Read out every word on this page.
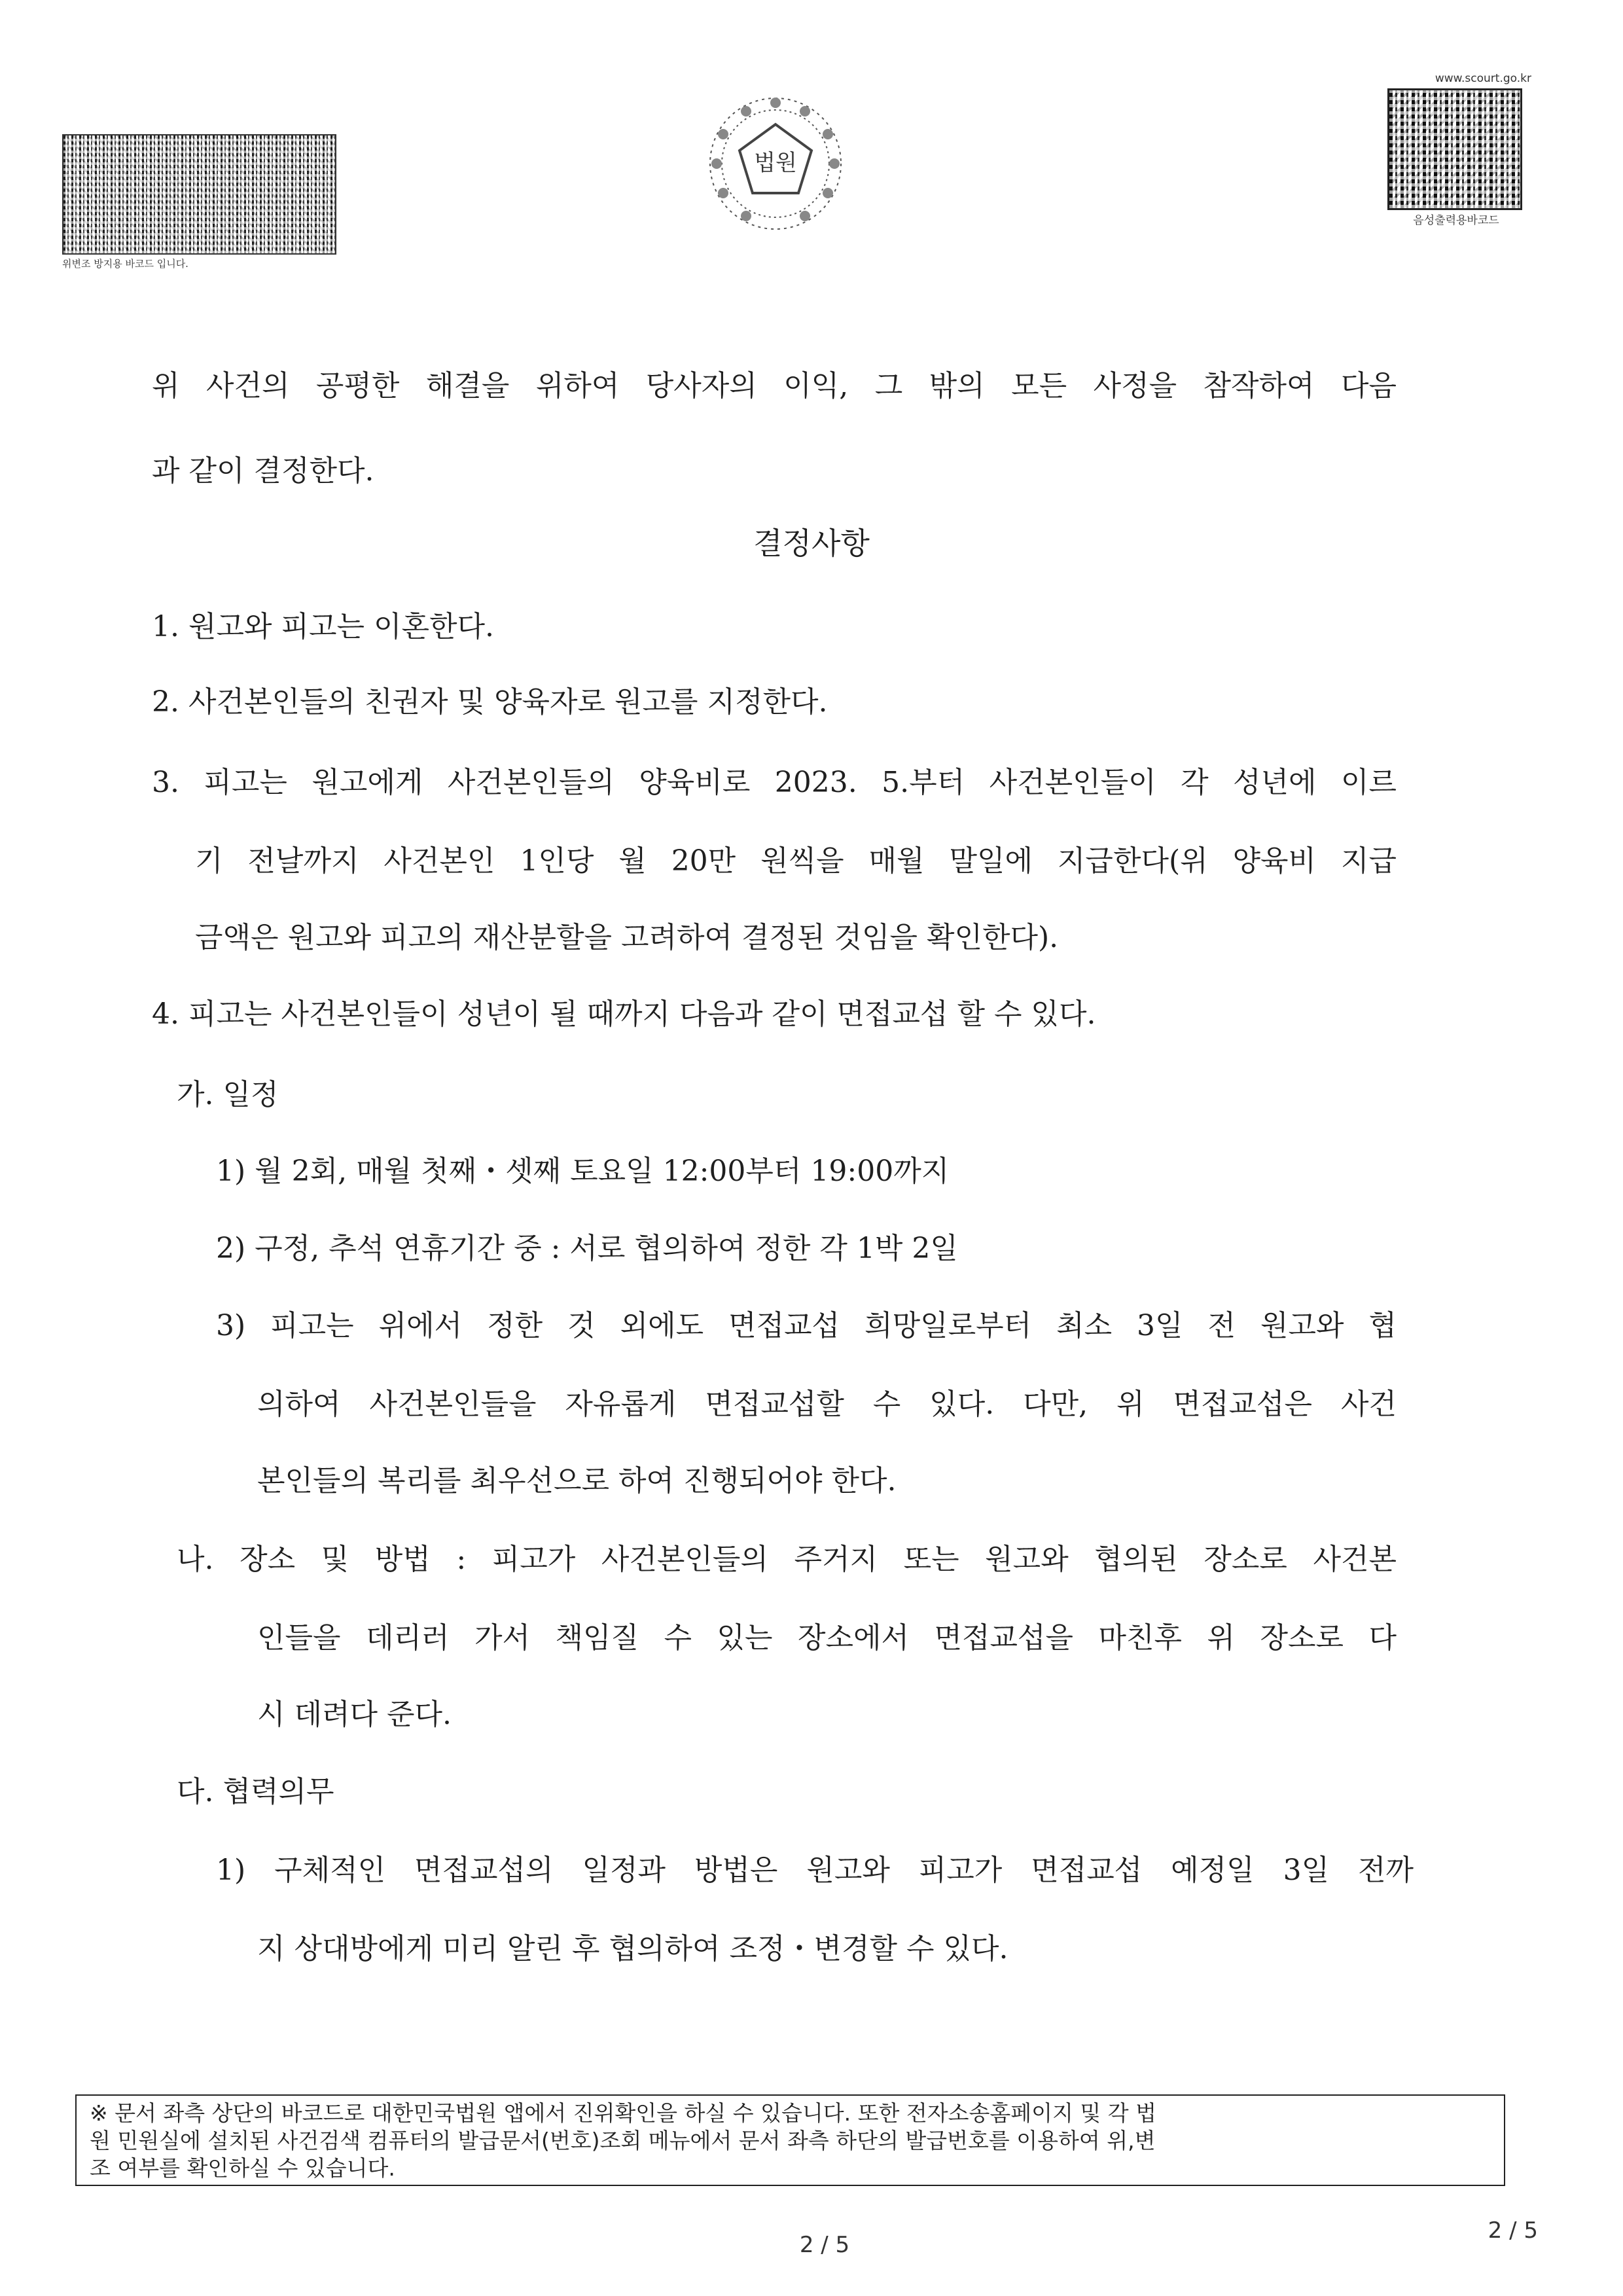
위변조 방지용 바코드 입니다.
법원
www.scourt.go.kr
음성출력용바코드
위 사건의 공평한 해결을 위하여 당사자의 이익, 그 밖의 모든 사정을 참작하여 다음
과 같이 결정한다.
결정사항
1. 원고와 피고는 이혼한다.
2. 사건본인들의 친권자 및 양육자로 원고를 지정한다.
3. 피고는 원고에게 사건본인들의 양육비로 2023. 5.부터 사건본인들이 각 성년에 이르
기 전날까지 사건본인 1인당 월 20만 원씩을 매월 말일에 지급한다(위 양육비 지급
금액은 원고와 피고의 재산분할을 고려하여 결정된 것임을 확인한다).
4. 피고는 사건본인들이 성년이 될 때까지 다음과 같이 면접교섭 할 수 있다.
가. 일정
1) 월 2회, 매월 첫째・셋째 토요일 12:00부터 19:00까지
2) 구정, 추석 연휴기간 중 : 서로 협의하여 정한 각 1박 2일
3) 피고는 위에서 정한 것 외에도 면접교섭 희망일로부터 최소 3일 전 원고와 협
의하여 사건본인들을 자유롭게 면접교섭할 수 있다. 다만, 위 면접교섭은 사건
본인들의 복리를 최우선으로 하여 진행되어야 한다.
나. 장소 및 방법 : 피고가 사건본인들의 주거지 또는 원고와 협의된 장소로 사건본
인들을 데리러 가서 책임질 수 있는 장소에서 면접교섭을 마친후 위 장소로 다
시 데려다 준다.
다. 협력의무
1) 구체적인 면접교섭의 일정과 방법은 원고와 피고가 면접교섭 예정일 3일 전까
지 상대방에게 미리 알린 후 협의하여 조정・변경할 수 있다.
※ 문서 좌측 상단의 바코드로 대한민국법원 앱에서 진위확인을 하실 수 있습니다. 또한 전자소송홈페이지 및 각 법
원 민원실에 설치된 사건검색 컴퓨터의 발급문서(번호)조회 메뉴에서 문서 좌측 하단의 발급번호를 이용하여 위,변
조 여부를 확인하실 수 있습니다.
2 / 5
2 / 5
